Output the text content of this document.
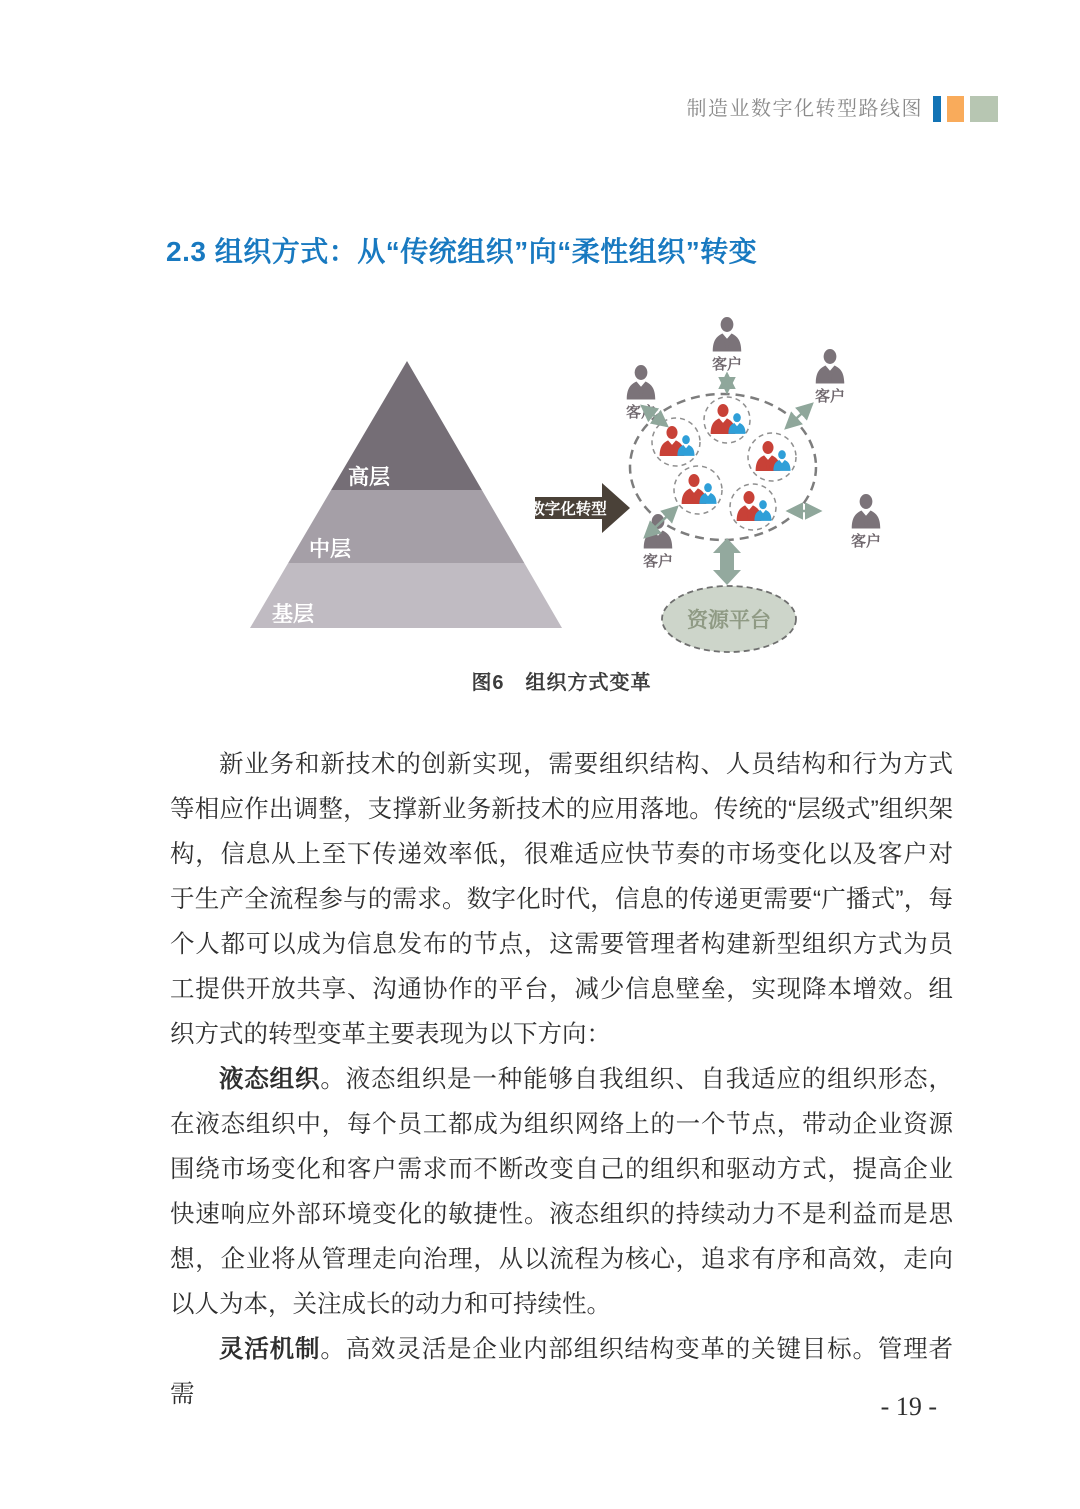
制造业数字化转型路线图
2.3 组织方式：从“传统组织”向“柔性组织”转变
高层
中层
基层
数字化转型
客户
客户
客户
客户
客户
资源平台
图6　组织方式变革

新业务和新技术的创新实现，需要组织结构、人员结构和行为方式等相应作出调整，支撑新业务新技术的应用落地。传统的“层级式”组织架构，信息从上至下传递效率低，很难适应快节奏的市场变化以及客户对于生产全流程参与的需求。数字化时代，信息的传递更需要“广播式”，每个人都可以成为信息发布的节点，这需要管理者构建新型组织方式为员工提供开放共享、沟通协作的平台，减少信息壁垒，实现降本增效。组织方式的转型变革主要表现为以下方向：

液态组织。液态组织是一种能够自我组织、自我适应的组织形态，在液态组织中，每个员工都成为组织网络上的一个节点，带动企业资源围绕市场变化和客户需求而不断改变自己的组织和驱动方式，提高企业快速响应外部环境变化的敏捷性。液态组织的持续动力不是利益而是思想，企业将从管理走向治理，从以流程为核心，追求有序和高效，走向以人为本，关注成长的动力和可持续性。

灵活机制。高效灵活是企业内部组织结构变革的关键目标。管理者需	- 19 -
